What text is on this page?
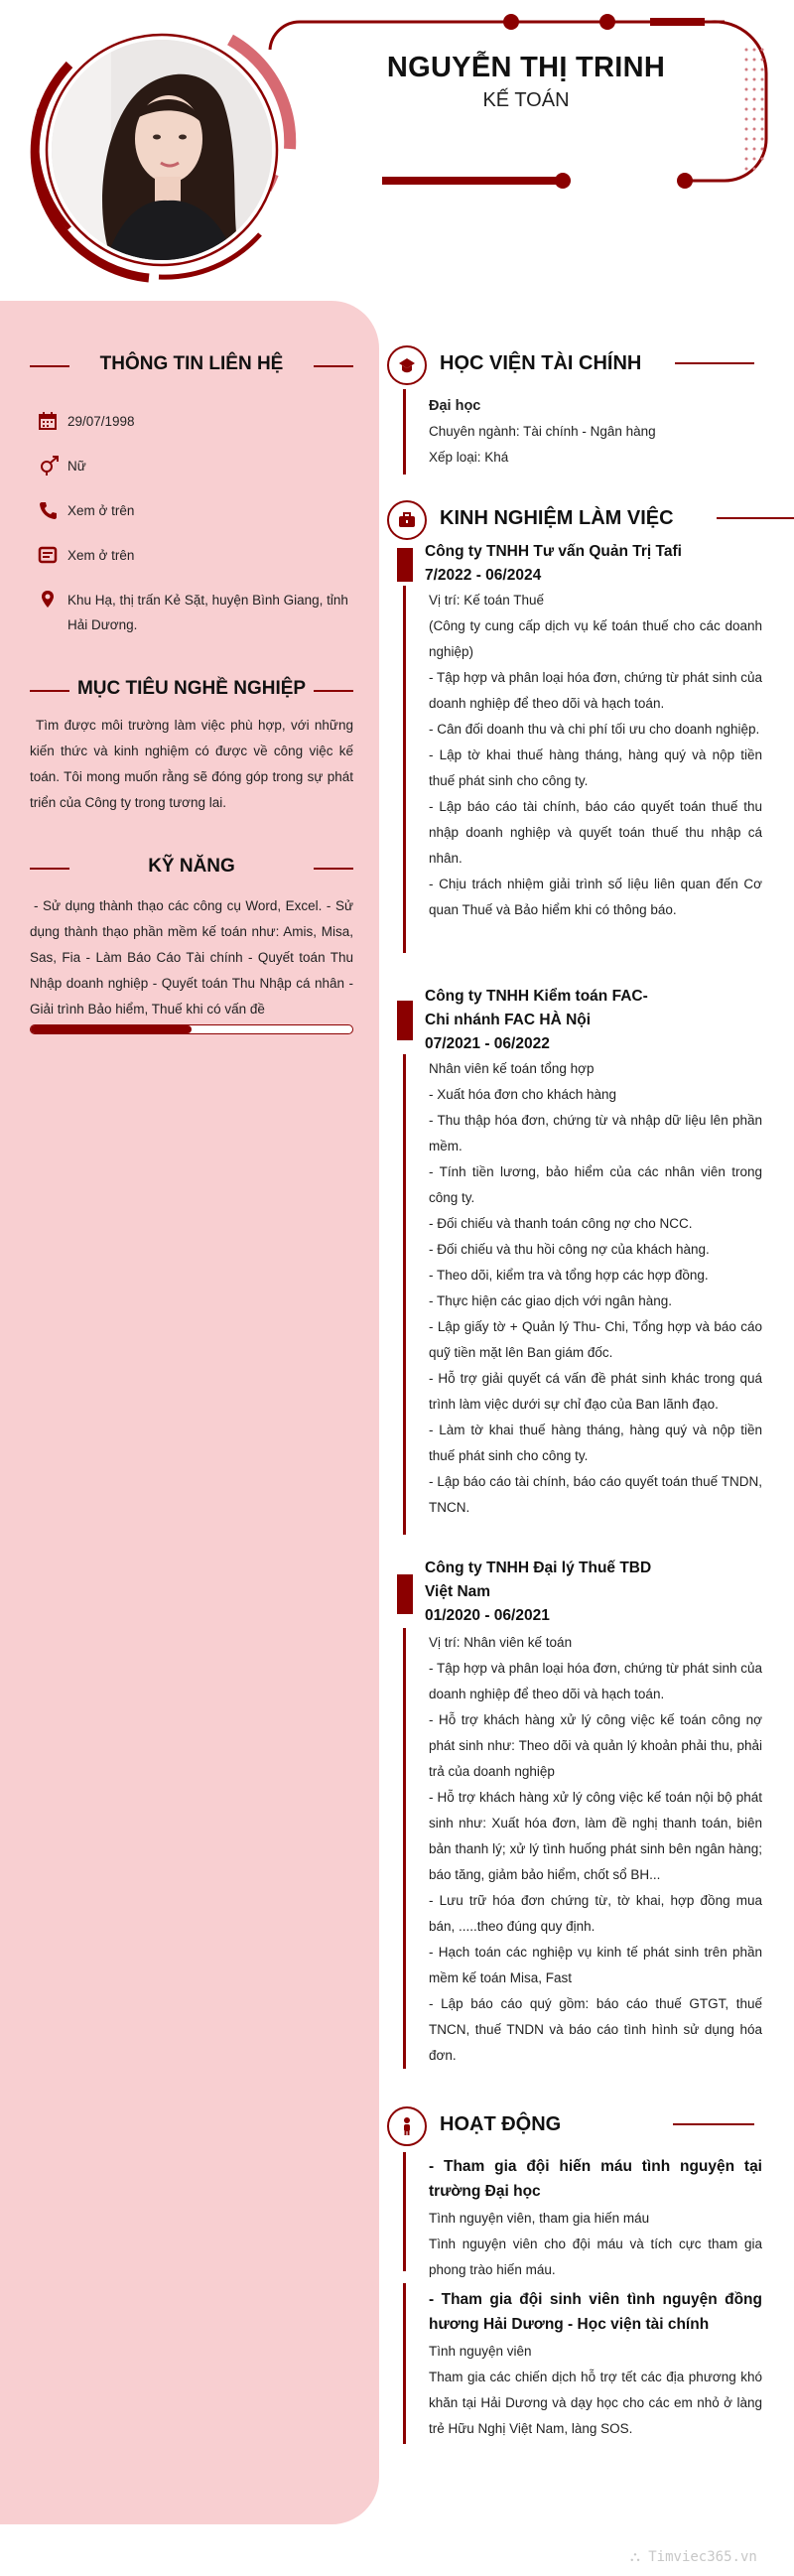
NGUYỄN THỊ TRINH
KẾ TOÁN
THÔNG TIN LIÊN HỆ
29/07/1998
Nữ
Xem ở trên
Xem ở trên
Khu Hạ, thị trấn Kẻ Sặt, huyện Bình Giang, tỉnh Hải Dương.
MỤC TIÊU NGHỀ NGHIỆP
Tìm được môi trường làm việc phù hợp, với những kiến thức và kinh nghiệm có được về công việc kế toán. Tôi mong muốn rằng sẽ đóng góp trong sự phát triển của Công ty trong tương lai.
KỸ NĂNG
- Sử dụng thành thạo các công cụ Word, Excel. - Sử dụng thành thạo phần mềm kế toán như: Amis, Misa, Sas, Fia - Làm Báo Cáo Tài chính - Quyết toán Thu Nhập doanh nghiệp - Quyết toán Thu Nhập cá nhân - Giải trình Bảo hiểm, Thuế khi có vấn đề
HỌC VIỆN TÀI CHÍNH
Đại học
Chuyên ngành: Tài chính - Ngân hàng
Xếp loại: Khá
KINH NGHIỆM LÀM VIỆC
Công ty TNHH Tư vấn Quản Trị Tafi
7/2022 - 06/2024
Vị trí: Kế toán Thuế
(Công ty cung cấp dịch vụ kế toán thuế cho các doanh nghiệp)
- Tập hợp và phân loại hóa đơn, chứng từ phát sinh của doanh nghiệp để theo dõi và hạch toán.
- Cân đối doanh thu và chi phí tối ưu cho doanh nghiệp.
- Lập tờ khai thuế hàng tháng, hàng quý và nộp tiền thuế phát sinh cho công ty.
- Lập báo cáo tài chính, báo cáo quyết toán thuế thu nhập doanh nghiệp và quyết toán thuế thu nhập cá nhân.
- Chịu trách nhiệm giải trình số liệu liên quan đến Cơ quan Thuế và Bảo hiểm khi có thông báo.
Công ty TNHH Kiểm toán FAC- Chi nhánh FAC HÀ Nội
07/2021 - 06/2022
Nhân viên kế toán tổng hợp
- Xuất hóa đơn cho khách hàng
- Thu thập hóa đơn, chứng từ và nhập dữ liệu lên phần mềm.
- Tính tiền lương, bảo hiểm của các nhân viên trong công ty.
- Đối chiếu và thanh toán công nợ cho NCC.
- Đối chiếu và thu hồi công nợ của khách hàng.
- Theo dõi, kiểm tra và tổng hợp các hợp đồng.
- Thực hiện các giao dịch với ngân hàng.
- Lập giấy tờ + Quản lý Thu- Chi, Tổng hợp và báo cáo quỹ tiền mặt lên Ban giám đốc.
- Hỗ trợ giải quyết cá vấn đề phát sinh khác trong quá trình làm việc dưới sự chỉ đạo của Ban lãnh đạo.
- Làm tờ khai thuế hàng tháng, hàng quý và nộp tiền thuế phát sinh cho công ty.
- Lập báo cáo tài chính, báo cáo quyết toán thuế TNDN, TNCN.
Công ty TNHH Đại lý Thuế TBD Việt Nam
01/2020 - 06/2021
Vị trí: Nhân viên kế toán
- Tập hợp và phân loại hóa đơn, chứng từ phát sinh của doanh nghiệp để theo dõi và hạch toán.
- Hỗ trợ khách hàng xử lý công việc kế toán công nợ phát sinh như: Theo dõi và quản lý khoản phải thu, phải trả của doanh nghiệp
- Hỗ trợ khách hàng xử lý công việc kế toán nội bộ phát sinh như: Xuất hóa đơn, làm đề nghị thanh toán, biên bản thanh lý; xử lý tình huống phát sinh bên ngân hàng; báo tăng, giảm bảo hiểm, chốt sổ BH...
- Lưu trữ hóa đơn chứng từ, tờ khai, hợp đồng mua bán, .....theo đúng quy định.
- Hạch toán các nghiệp vụ kinh tế phát sinh trên phần mềm kế toán Misa, Fast
- Lập báo cáo quý gồm: báo cáo thuế GTGT, thuế TNCN, thuế TNDN và báo cáo tình hình sử dụng hóa đơn.
HOẠT ĐỘNG
- Tham gia đội hiến máu tình nguyện tại trường Đại học
Tình nguyện viên, tham gia hiến máu
Tình nguyện viên cho đội máu và tích cực tham gia phong trào hiến máu.
- Tham gia đội sinh viên tình nguyện đồng hương Hải Dương - Học viện tài chính
Tình nguyện viên
Tham gia các chiến dịch hỗ trợ tết các địa phương khó khăn tại Hải Dương và dạy học cho các em nhỏ ở làng trẻ Hữu Nghị Việt Nam, làng SOS.
⛬ Timviec365.vn
